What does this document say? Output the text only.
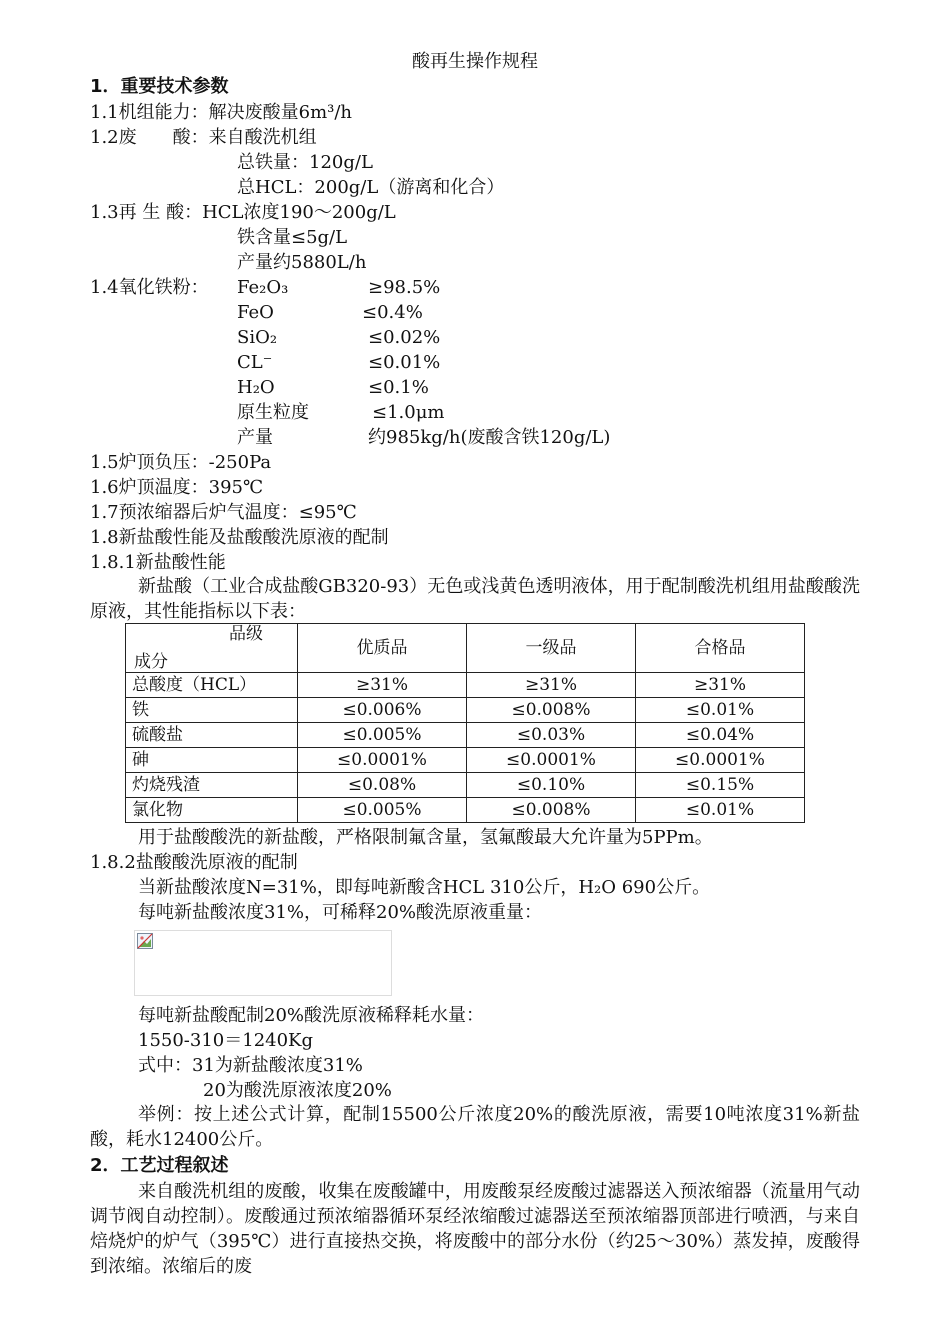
酸再生操作规程
1．重要技术参数
1.1机组能力：解决废酸量6m³/h
1.2废　　酸：来自酸洗机组
总铁量：120g/L
总HCL：200g/L（游离和化合）
1.3再 生 酸：HCL浓度190～200g/L
铁含量≤5g/L
产量约5880L/h
1.4氧化铁粉： Fe₂O₃	≥98.5%
FeO	≤0.4%
SiO₂	≤0.02%
CL⁻	≤0.01%
H₂O	≤0.1%
原生粒度	≤1.0μm
产量	约985kg/h(废酸含铁120g/L)
1.5炉顶负压：-250Pa
1.6炉顶温度：395℃
1.7预浓缩器后炉气温度：≤95℃
1.8新盐酸性能及盐酸酸洗原液的配制
1.8.1新盐酸性能
新盐酸（工业合成盐酸GB320-93）无色或浅黄色透明液体，用于配制酸洗机组用盐酸酸洗原液，其性能指标以下表：
品级
成分	优质品	一级品	合格品
总酸度（HCL）	≥31%	≥31%	≥31%
铁	≤0.006%	≤0.008%	≤0.01%
硫酸盐	≤0.005%	≤0.03%	≤0.04%
砷	≤0.0001%	≤0.0001%	≤0.0001%
灼烧残渣	≤0.08%	≤0.10%	≤0.15%
氯化物	≤0.005%	≤0.008%	≤0.01%
用于盐酸酸洗的新盐酸，严格限制氟含量，氢氟酸最大允许量为5PPm。
1.8.2盐酸酸洗原液的配制
当新盐酸浓度N=31%，即每吨新酸含HCL 310公斤，H₂O 690公斤。
每吨新盐酸浓度31%，可稀释20%酸洗原液重量：
每吨新盐酸配制20%酸洗原液稀释耗水量：
1550-310＝1240Kg
式中：31为新盐酸浓度31%
20为酸洗原液浓度20%
举例：按上述公式计算，配制15500公斤浓度20%的酸洗原液，需要10吨浓度31%新盐酸，耗水12400公斤。
2．工艺过程叙述
来自酸洗机组的废酸，收集在废酸罐中，用废酸泵经废酸过滤器送入预浓缩器（流量用气动调节阀自动控制）。废酸通过预浓缩器循环泵经浓缩酸过滤器送至预浓缩器顶部进行喷洒，与来自焙烧炉的炉气（395℃）进行直接热交换，将废酸中的部分水份（约25～30%）蒸发掉，废酸得到浓缩。浓缩后的废
